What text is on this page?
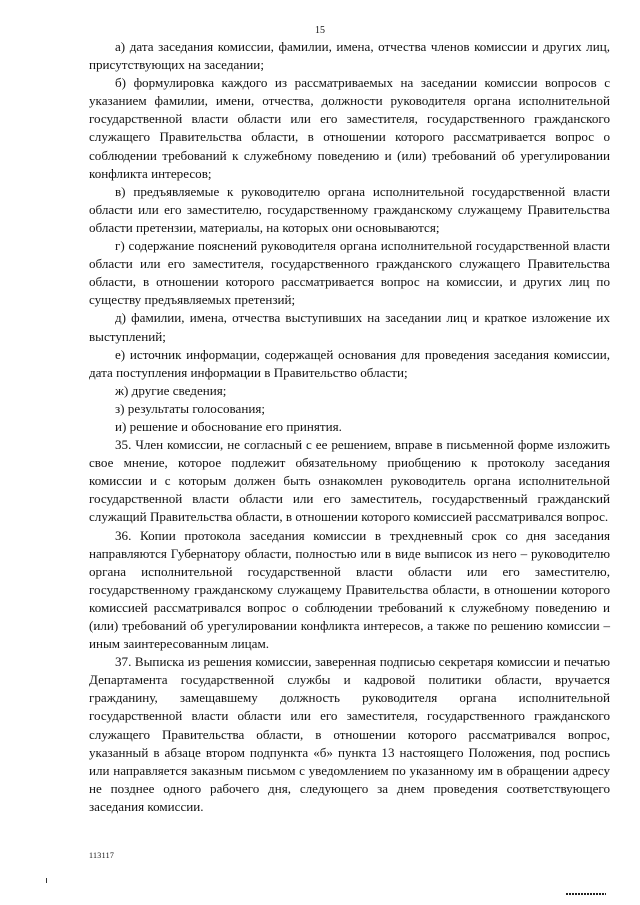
15

а) дата заседания комиссии, фамилии, имена, отчества членов комиссии и других лиц, присутствующих на заседании;

б) формулировка каждого из рассматриваемых на заседании комиссии вопросов с указанием фамилии, имени, отчества, должности руководителя органа исполнительной государственной власти области или его заместителя, государственного гражданского служащего Правительства области, в отношении которого рассматривается вопрос о соблюдении требований к служебному поведению и (или) требований об урегулировании конфликта интересов;

в) предъявляемые к руководителю органа исполнительной государственной власти области или его заместителю, государственному гражданскому служащему Правительства области претензии, материалы, на которых они основываются;

г) содержание пояснений руководителя органа исполнительной государственной власти области или его заместителя, государственного гражданского служащего Правительства области, в отношении которого рассматривается вопрос на комиссии, и других лиц по существу предъявляемых претензий;

д) фамилии, имена, отчества выступивших на заседании лиц и краткое изложение их выступлений;

е) источник информации, содержащей основания для проведения заседания комиссии, дата поступления информации в Правительство области;

ж) другие сведения;

з) результаты голосования;

и) решение и обоснование его принятия.

35. Член комиссии, не согласный с ее решением, вправе в письменной форме изложить свое мнение, которое подлежит обязательному приобщению к протоколу заседания комиссии и с которым должен быть ознакомлен руководитель органа исполнительной государственной власти области или его заместитель, государственный гражданский служащий Правительства области, в отношении которого комиссией рассматривался вопрос.

36. Копии протокола заседания комиссии в трехдневный срок со дня заседания направляются Губернатору области, полностью или в виде выписок из него – руководителю органа исполнительной государственной власти области или его заместителю, государственному гражданскому служащему Правительства области, в отношении которого комиссией рассматривался вопрос о соблюдении требований к служебному поведению и (или) требований об урегулировании конфликта интересов, а также по решению комиссии – иным заинтересованным лицам.

37. Выписка из решения комиссии, заверенная подписью секретаря комиссии и печатью Департамента государственной службы и кадровой политики области, вручается гражданину, замещавшему должность руководителя органа исполнительной государственной власти области или его заместителя, государственного гражданского служащего Правительства области, в отношении которого рассматривался вопрос, указанный в абзаце втором подпункта «б» пункта 13 настоящего Положения, под роспись или направляется заказным письмом с уведомлением по указанному им в обращении адресу не позднее одного рабочего дня, следующего за днем проведения соответствующего заседания комиссии.

113117
